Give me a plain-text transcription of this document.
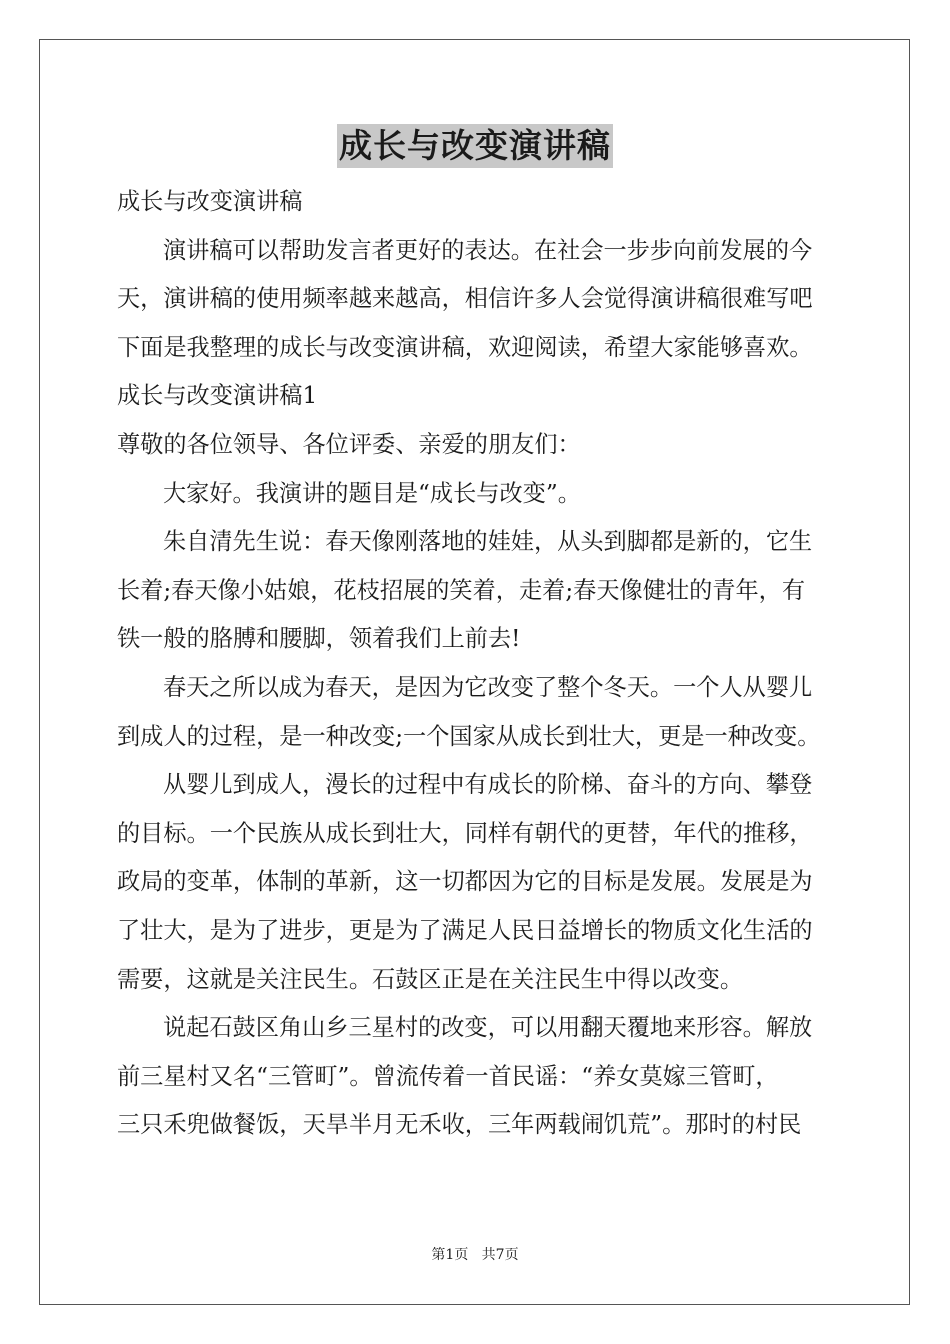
成长与改变演讲稿
成长与改变演讲稿
演讲稿可以帮助发言者更好的表达。在社会一步步向前发展的今
天，演讲稿的使用频率越来越高，相信许多人会觉得演讲稿很难写吧
下面是我整理的成长与改变演讲稿，欢迎阅读，希望大家能够喜欢。
成长与改变演讲稿1
尊敬的各位领导、各位评委、亲爱的朋友们：
大家好。我演讲的题目是“成长与改变”。
朱自清先生说：春天像刚落地的娃娃，从头到脚都是新的，它生
长着;春天像小姑娘，花枝招展的笑着，走着;春天像健壮的青年，有
铁一般的胳膊和腰脚，领着我们上前去!
春天之所以成为春天，是因为它改变了整个冬天。一个人从婴儿
到成人的过程，是一种改变;一个国家从成长到壮大，更是一种改变。
从婴儿到成人，漫长的过程中有成长的阶梯、奋斗的方向、攀登
的目标。一个民族从成长到壮大，同样有朝代的更替，年代的推移，
政局的变革，体制的革新，这一切都因为它的目标是发展。发展是为
了壮大，是为了进步，更是为了满足人民日益增长的物质文化生活的
需要，这就是关注民生。石鼓区正是在关注民生中得以改变。
说起石鼓区角山乡三星村的改变，可以用翻天覆地来形容。解放
前三星村又名“三管町”。曾流传着一首民谣：“养女莫嫁三管町，
三只禾兜做餐饭，天旱半月无禾收，三年两载闹饥荒”。那时的村民
第1页   共7页
